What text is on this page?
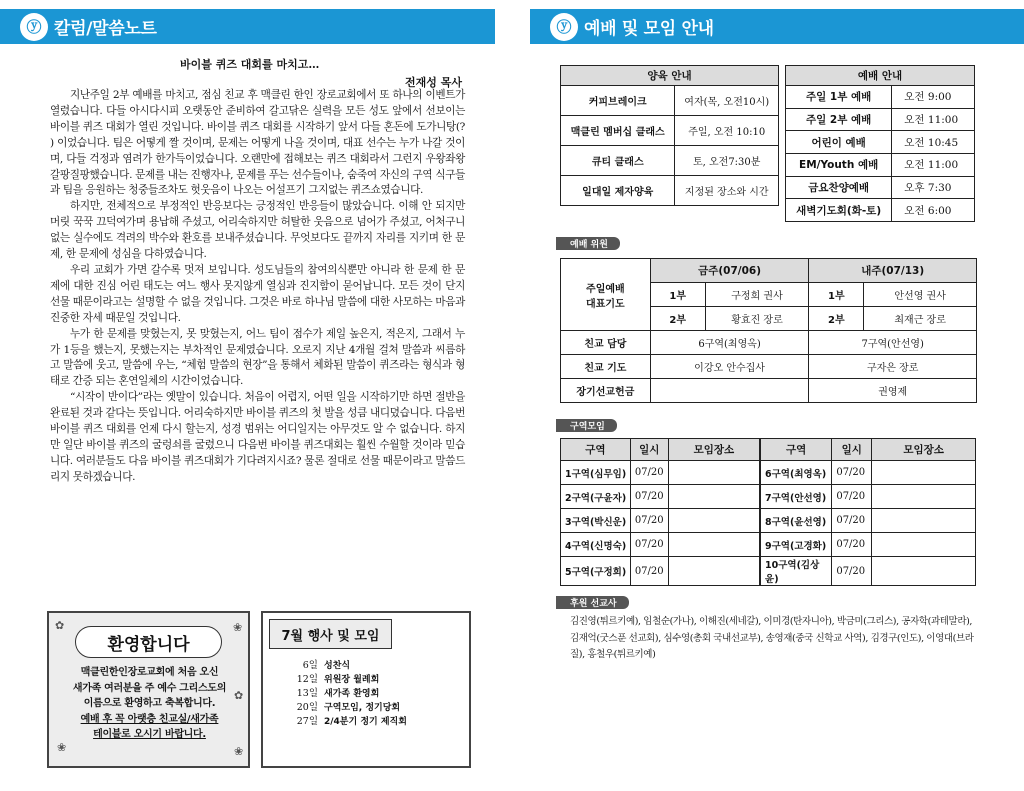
ⓨ 칼럼/말씀노트	ⓨ 예배 및 모임 안내
바이블 퀴즈 대회를 마치고…
전재성 목사

지난주일 2부 예배를 마치고, 점심 친교 후 맥클린 한인 장로교회에서 또 하나의 이벤트가 열렸습니다. 다들 아시다시피 오랫동안 준비하여 갈고닦은 실력을 모든 성도 앞에서 선보이는 바이블 퀴즈 대회가 열린 것입니다. 바이블 퀴즈 대회를 시작하기 앞서 다들 혼돈에 도가니탕(? ) 이었습니다. 팀은 어떻게 짤 것이며, 문제는 어떻게 나올 것이며, 대표 선수는 누가 나갈 것이며, 다들 걱정과 염려가 한가득이었습니다. 오랜만에 접해보는 퀴즈 대회라서 그런지 우왕좌왕 갈팡질팡했습니다. 문제를 내는 진행자나, 문제를 푸는 선수들이나, 숨죽여 자신의 구역 식구들과 팀을 응원하는 청중들조차도 헛웃음이 나오는 어설프기 그지없는 퀴즈쇼였습니다.

하지만, 전체적으로 부정적인 반응보다는 긍정적인 반응들이 많았습니다. 이해 안 되지만 머릿 꾹꾹 끄덕여가며 용납해 주셨고, 어리숙하지만 허탈한 웃음으로 넘어가 주셨고, 어처구니없는 실수에도 격려의 박수와 환호를 보내주셨습니다. 무엇보다도 끝까지 자리를 지키며 한 문제, 한 문제에 성심을 다하였습니다.

우리 교회가 가면 갈수록 멋져 보입니다. 성도님들의 참여의식뿐만 아니라 한 문제 한 문제에 대한 진심 어린 태도는 여느 행사 못지않게 열심과 진지함이 묻어납니다. 모든 것이 단지 선물 때문이라고는 설명할 수 없을 것입니다. 그것은 바로 하나님 말씀에 대한 사모하는 마음과 진중한 자세 때문일 것입니다.

누가 한 문제를 맞혔는지, 못 맞혔는지, 어느 팀이 점수가 제일 높은지, 적은지, 그래서 누가 1등을 했는지, 못했는지는 부차적인 문제였습니다. 오로지 지난 4개월 걸쳐 말씀과 씨름하고 말씀에 웃고, 말씀에 우는, “체험 말씀의 현장”을 통해서 체화된 말씀이 퀴즈라는 형식과 형태로 간증 되는 혼연일체의 시간이었습니다.

“시작이 반이다”라는 옛말이 있습니다. 처음이 어렵지, 어떤 일을 시작하기만 하면 절반을 완료된 것과 같다는 뜻입니다. 어리숙하지만 바이블 퀴즈의 첫 발을 성큼 내디뎠습니다. 다음번 바이블 퀴즈 대회를 언제 다시 할는지, 성경 범위는 어디일지는 아무것도 알 수 없습니다. 하지만 일단 바이블 퀴즈의 굴렁쇠를 굴렸으니 다음번 바이블 퀴즈대회는 훨씬 수월할 것이라 믿습니다. 여러분들도 다음 바이블 퀴즈대회가 기다려지시죠? 물론 절대로 선물 때문이라고 말씀드리지 못하겠습니다.

✿	❀
❀
✿
❀
환영합니다
맥클린한인장로교회에 처음 오신
새가족 여러분을 주 예수 그리스도의
이름으로 환영하고 축복합니다.
예배 후 꼭 아랫층 친교실/새가족
테이블로 오시기 바랍니다.
7월 행사 및 모임
6일 성찬식
12일 위원장 월례회
13일 새가족 환영회
20일 구역모임, 정기당회
27일 2/4분기 정기 제직회
양육 안내	
커피브레이크	여자(목, 오전10시)
맥클린 멤버십 클래스	주일, 오전 10:10
큐티 클래스	토, 오전7:30분
일대일 제자양육	지정된 장소와 시간
예배 안내	
주일 1부 예배	오전 9:00
주일 2부 예배	오전 11:00
어린이 예배	오전 10:45
EM/Youth 예배	오전 11:00
금요찬양예배	오후 7:30
새벽기도회(화-토)	오전 6:00
예배 위원
주일예배
대표기도	금주(07/06)		내주(07/13)	
	1부	구정희 권사	1부	안선영 권사
	2부	황효진 장로	2부	최재근 장로
친교 담당	6구역(최영옥)		7구역(안선영)	
친교 기도	이강오 안수집사		구자은 장로	
장기선교헌금			권영제	
구역모임
구역	일시	모임장소	구역	일시	모임장소
1구역(심무임)	07/20		6구역(최영옥)	07/20	
2구역(구윤자)	07/20		7구역(안선영)	07/20	
3구역(박신운)	07/20		8구역(윤선영)	07/20	
4구역(신명숙)	07/20		9구역(고경화)	07/20	
5구역(구정희)	07/20		10구역(김상윤)	07/20	
후원 선교사
김진영(튀르키예), 임철순(가나), 이해진(세네갈), 이미경(탄자니아), 박금미(그리스), 공자학(과테말라), 김재억(굿스푼 선교회), 심수영(총회 국내선교부), 송영재(중국 신학교 사역), 김경구(인도), 이영대(브라질), 홍철우(튀르키예)
